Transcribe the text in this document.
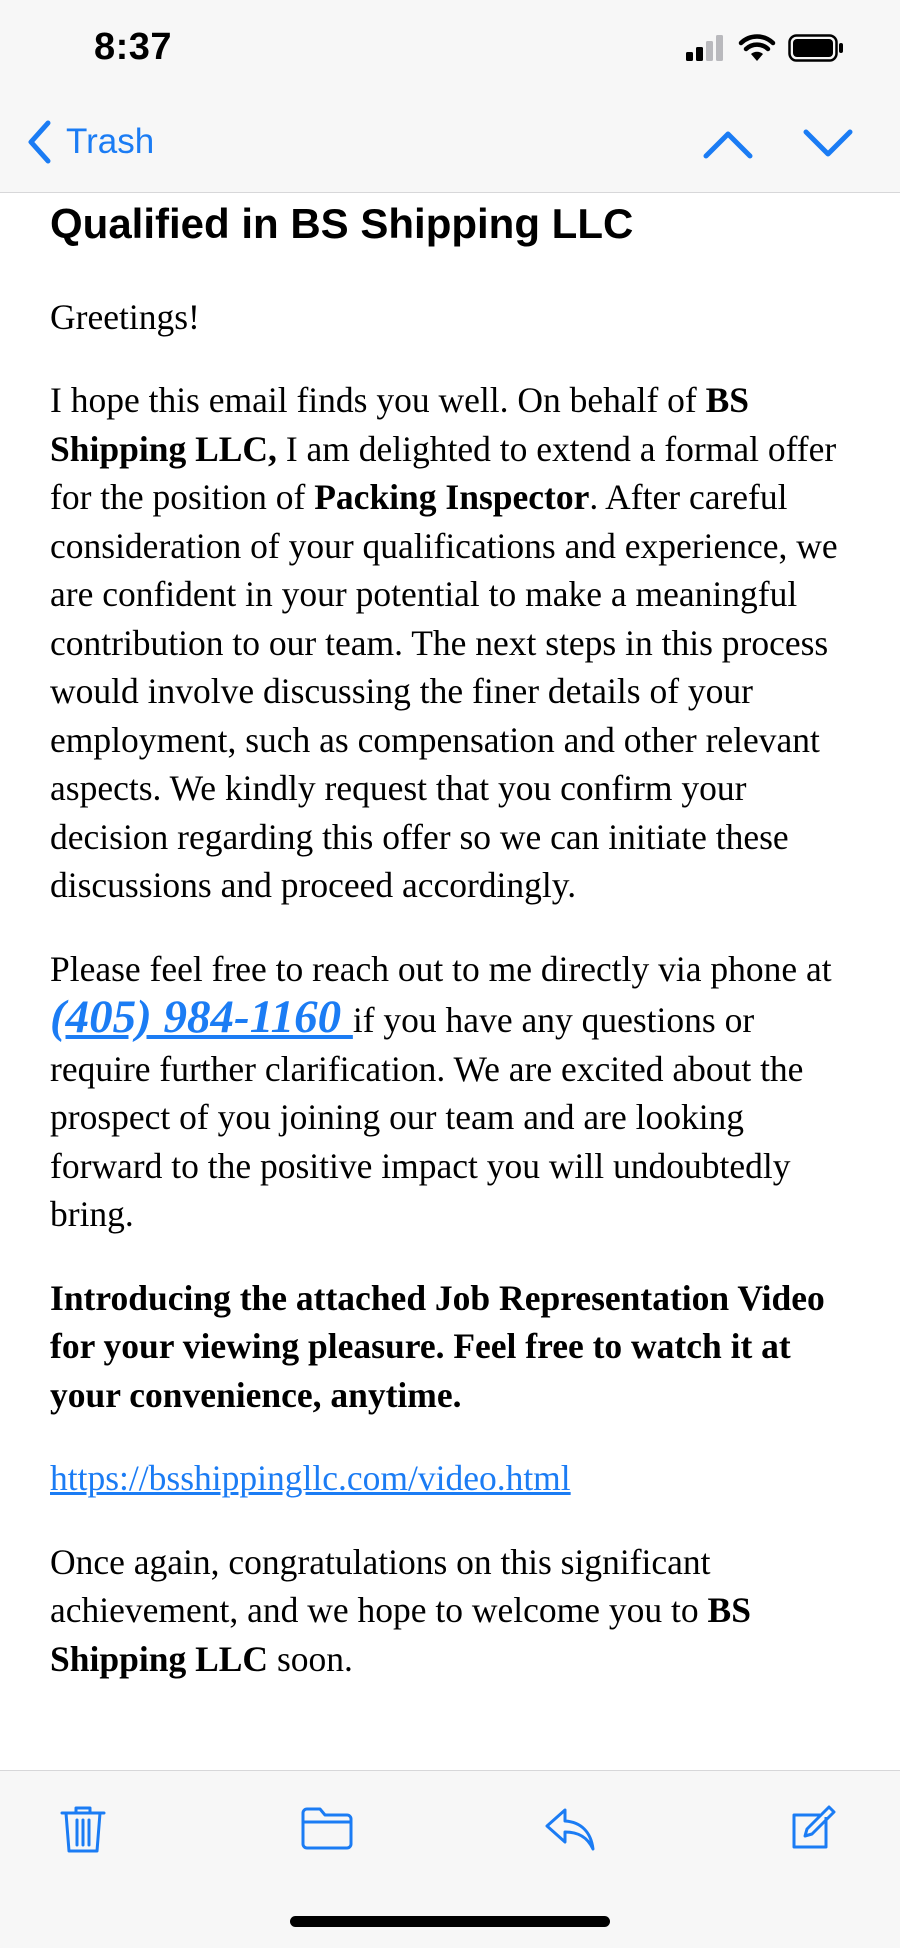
8:37
Trash
Qualified in BS Shipping LLC

Greetings!

I hope this email finds you well. On behalf of BS Shipping LLC, I am delighted to extend a formal offer for the position of Packing Inspector. After careful consideration of your qualifications and experience, we are confident in your potential to make a meaningful contribution to our team. The next steps in this process would involve discussing the finer details of your employment, such as compensation and other relevant aspects. We kindly request that you confirm your decision regarding this offer so we can initiate these discussions and proceed accordingly.

Please feel free to reach out to me directly via phone at (405) 984-1160 if you have any questions or require further clarification. We are excited about the prospect of you joining our team and are looking forward to the positive impact you will undoubtedly bring.

Introducing the attached Job Representation Video for your viewing pleasure. Feel free to watch it at your convenience, anytime.

https://bsshippingllc.com/video.html

Once again, congratulations on this significant achievement, and we hope to welcome you to BS Shipping LLC soon.
